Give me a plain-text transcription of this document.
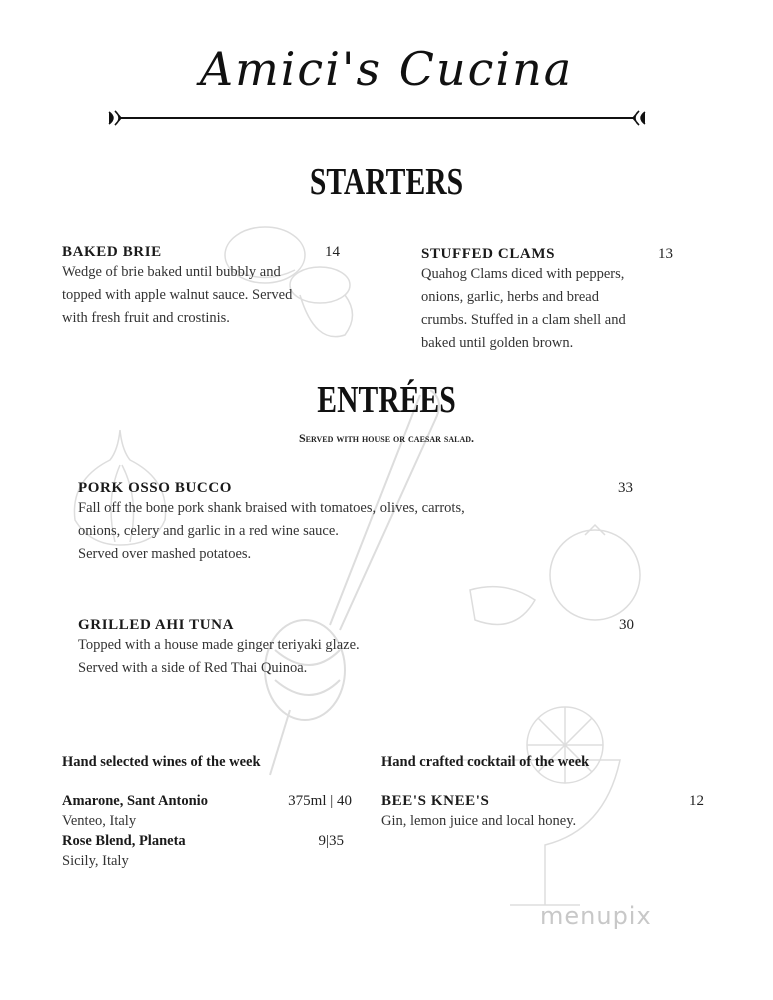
Amici's Cucina
STARTERS
BAKED BRIE	14
Wedge of brie baked until bubbly and
topped with apple walnut sauce. Served
with fresh fruit and crostinis.
STUFFED CLAMS	13
Quahog Clams diced with peppers,
onions, garlic, herbs and bread
crumbs. Stuffed in a clam shell and
baked until golden brown.
ENTRÉES
Served with house or caesar salad.
PORK OSSO BUCCO	33
Fall off the bone pork shank braised with tomatoes, olives, carrots,
onions, celery and garlic in a red wine sauce.
Served over mashed potatoes.
GRILLED AHI TUNA	30
Topped with a house made ginger teriyaki glaze.
Served with a side of Red Thai Quinoa.
Hand selected wines of the week
Amarone, Sant Antonio	375ml | 40
Venteo, Italy
Rose Blend, Planeta	9|35
Sicily, Italy
Hand crafted cocktail of the week
BEE'S KNEE'S	12
Gin, lemon juice and local honey.
menupix
